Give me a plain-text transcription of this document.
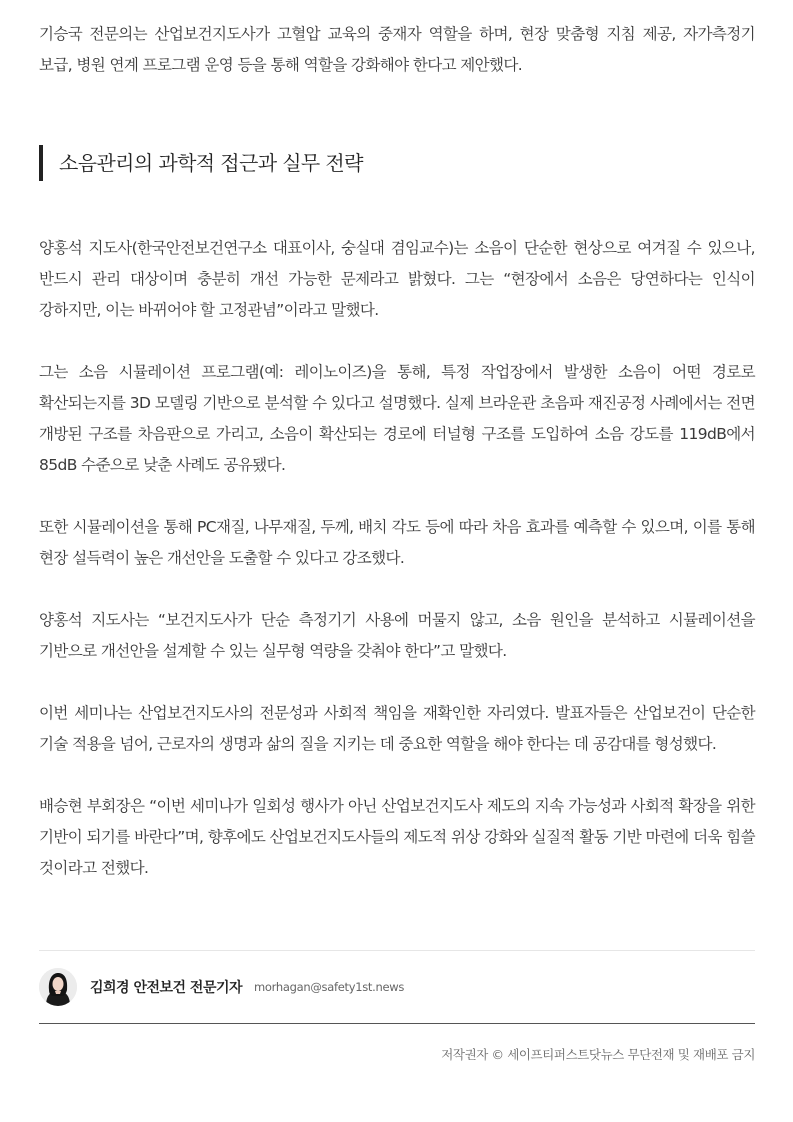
기승국 전문의는 산업보건지도사가 고혈압 교육의 중재자 역할을 하며, 현장 맞춤형 지침 제공, 자가측정기 보급, 병원 연계 프로그램 운영 등을 통해 역할을 강화해야 한다고 제안했다.

소음관리의 과학적 접근과 실무 전략

양홍석 지도사(한국안전보건연구소 대표이사, 숭실대 겸임교수)는 소음이 단순한 현상으로 여겨질 수 있으나, 반드시 관리 대상이며 충분히 개선 가능한 문제라고 밝혔다. 그는 “현장에서 소음은 당연하다는 인식이 강하지만, 이는 바뀌어야 할 고정관념”이라고 말했다.

그는 소음 시뮬레이션 프로그램(예: 레이노이즈)을 통해, 특정 작업장에서 발생한 소음이 어떤 경로로 확산되는지를 3D 모델링 기반으로 분석할 수 있다고 설명했다. 실제 브라운관 초음파 재진공정 사례에서는 전면 개방된 구조를 차음판으로 가리고, 소음이 확산되는 경로에 터널형 구조를 도입하여 소음 강도를 119dB에서 85dB 수준으로 낮춘 사례도 공유됐다.

또한 시뮬레이션을 통해 PC재질, 나무재질, 두께, 배치 각도 등에 따라 차음 효과를 예측할 수 있으며, 이를 통해 현장 설득력이 높은 개선안을 도출할 수 있다고 강조했다.

양홍석 지도사는 “보건지도사가 단순 측정기기 사용에 머물지 않고, 소음 원인을 분석하고 시뮬레이션을 기반으로 개선안을 설계할 수 있는 실무형 역량을 갖춰야 한다”고 말했다.

이번 세미나는 산업보건지도사의 전문성과 사회적 책임을 재확인한 자리였다. 발표자들은 산업보건이 단순한 기술 적용을 넘어, 근로자의 생명과 삶의 질을 지키는 데 중요한 역할을 해야 한다는 데 공감대를 형성했다.

배승현 부회장은 “이번 세미나가 일회성 행사가 아닌 산업보건지도사 제도의 지속 가능성과 사회적 확장을 위한 기반이 되기를 바란다”며, 향후에도 산업보건지도사들의 제도적 위상 강화와 실질적 활동 기반 마련에 더욱 힘쓸 것이라고 전했다.

김희경 안전보건 전문기자 morhagan@safety1st.news
저작권자 © 세이프티퍼스트닷뉴스 무단전재 및 재배포 금지
